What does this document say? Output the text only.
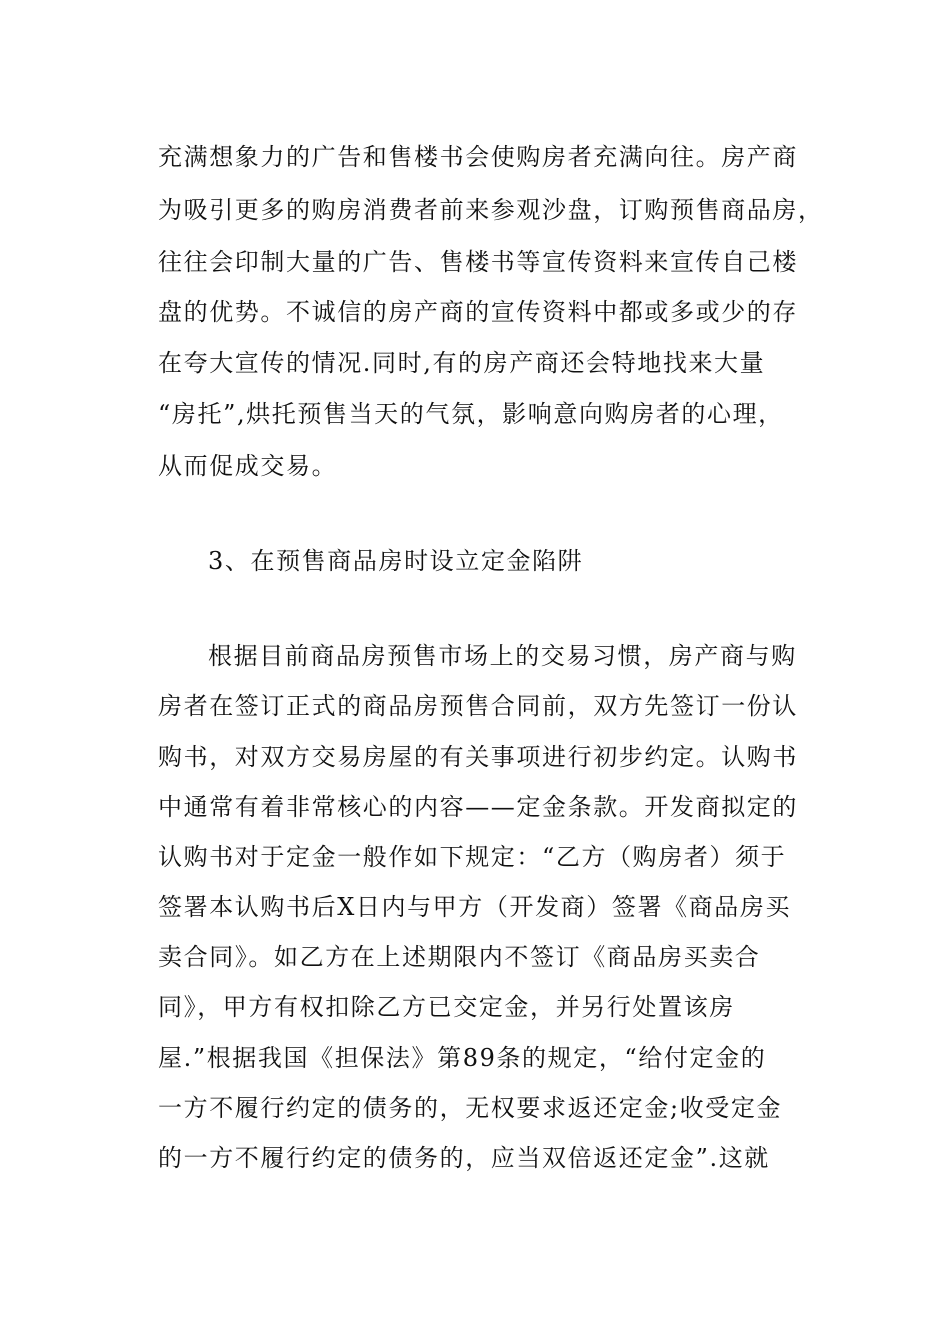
充满想象力的广告和售楼书会使购房者充满向往。房产商
为吸引更多的购房消费者前来参观沙盘，订购预售商品房，
往往会印制大量的广告、售楼书等宣传资料来宣传自己楼
盘的优势。不诚信的房产商的宣传资料中都或多或少的存
在夸大宣传的情况.同时,有的房产商还会特地找来大量
“房托”,烘托预售当天的气氛，影响意向购房者的心理，
从而促成交易。
3、在预售商品房时设立定金陷阱
根据目前商品房预售市场上的交易习惯，房产商与购
房者在签订正式的商品房预售合同前，双方先签订一份认
购书，对双方交易房屋的有关事项进行初步约定。认购书
中通常有着非常核心的内容——定金条款。开发商拟定的
认购书对于定金一般作如下规定：“乙方（购房者）须于
签署本认购书后X日内与甲方（开发商）签署《商品房买
卖合同》。如乙方在上述期限内不签订《商品房买卖合
同》，甲方有权扣除乙方已交定金，并另行处置该房
屋.”根据我国《担保法》第89条的规定，“给付定金的
一方不履行约定的债务的，无权要求返还定金;收受定金
的一方不履行约定的债务的，应当双倍返还定金”.这就
